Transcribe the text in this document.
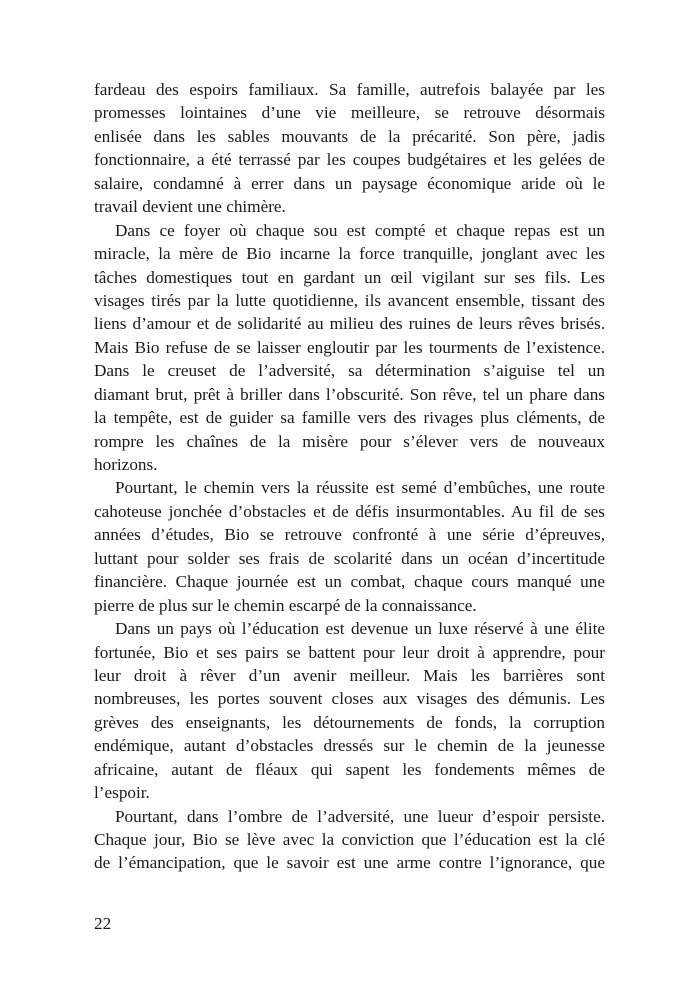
fardeau des espoirs familiaux. Sa famille, autrefois balayée par les
promesses lointaines d’une vie meilleure, se retrouve désormais
enlisée dans les sables mouvants de la précarité. Son père, jadis
fonctionnaire, a été terrassé par les coupes budgétaires et les gelées de
salaire, condamné à errer dans un paysage économique aride où le
travail devient une chimère.
Dans ce foyer où chaque sou est compté et chaque repas est un
miracle, la mère de Bio incarne la force tranquille, jonglant avec les
tâches domestiques tout en gardant un œil vigilant sur ses fils. Les
visages tirés par la lutte quotidienne, ils avancent ensemble, tissant des
liens d’amour et de solidarité au milieu des ruines de leurs rêves brisés.
Mais Bio refuse de se laisser engloutir par les tourments de l’existence.
Dans le creuset de l’adversité, sa détermination s’aiguise tel un
diamant brut, prêt à briller dans l’obscurité. Son rêve, tel un phare dans
la tempête, est de guider sa famille vers des rivages plus cléments, de
rompre les chaînes de la misère pour s’élever vers de nouveaux
horizons.
Pourtant, le chemin vers la réussite est semé d’embûches, une route
cahoteuse jonchée d’obstacles et de défis insurmontables. Au fil de ses
années d’études, Bio se retrouve confronté à une série d’épreuves,
luttant pour solder ses frais de scolarité dans un océan d’incertitude
financière. Chaque journée est un combat, chaque cours manqué une
pierre de plus sur le chemin escarpé de la connaissance.
Dans un pays où l’éducation est devenue un luxe réservé à une élite
fortunée, Bio et ses pairs se battent pour leur droit à apprendre, pour
leur droit à rêver d’un avenir meilleur. Mais les barrières sont
nombreuses, les portes souvent closes aux visages des démunis. Les
grèves des enseignants, les détournements de fonds, la corruption
endémique, autant d’obstacles dressés sur le chemin de la jeunesse
africaine, autant de fléaux qui sapent les fondements mêmes de
l’espoir.
Pourtant, dans l’ombre de l’adversité, une lueur d’espoir persiste.
Chaque jour, Bio se lève avec la conviction que l’éducation est la clé
de l’émancipation, que le savoir est une arme contre l’ignorance, que
22
